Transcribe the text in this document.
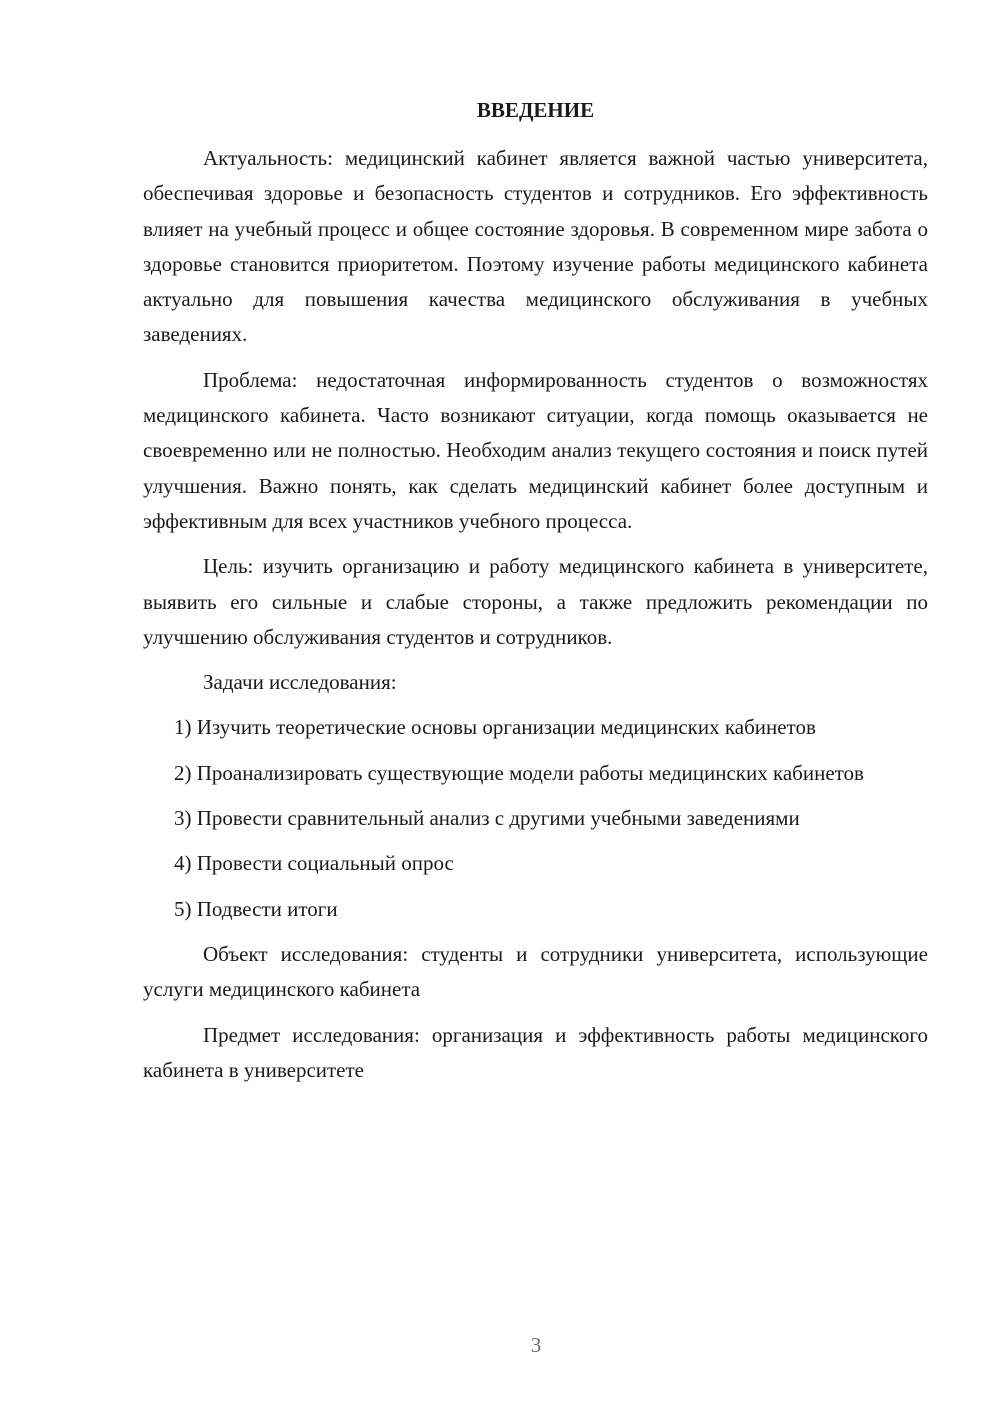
ВВЕДЕНИЕ
Актуальность: медицинский кабинет является важной частью университета, обеспечивая здоровье и безопасность студентов и сотрудников. Его эффективность влияет на учебный процесс и общее состояние здоровья. В современном мире забота о здоровье становится приоритетом. Поэтому изучение работы медицинского кабинета актуально для повышения качества медицинского обслуживания в учебных заведениях.
Проблема: недостаточная информированность студентов о возможностях медицинского кабинета. Часто возникают ситуации, когда помощь оказывается не своевременно или не полностью. Необходим анализ текущего состояния и поиск путей улучшения. Важно понять, как сделать медицинский кабинет более доступным и эффективным для всех участников учебного процесса.
Цель: изучить организацию и работу медицинского кабинета в университете, выявить его сильные и слабые стороны, а также предложить рекомендации по улучшению обслуживания студентов и сотрудников.
Задачи исследования:
1) Изучить теоретические основы организации медицинских кабинетов
2) Проанализировать существующие модели работы медицинских кабинетов
3) Провести сравнительный анализ с другими учебными заведениями
4) Провести социальный опрос
5) Подвести итоги
Объект исследования: студенты и сотрудники университета, использующие услуги медицинского кабинета
Предмет исследования: организация и эффективность работы медицинского кабинета в университете
3
